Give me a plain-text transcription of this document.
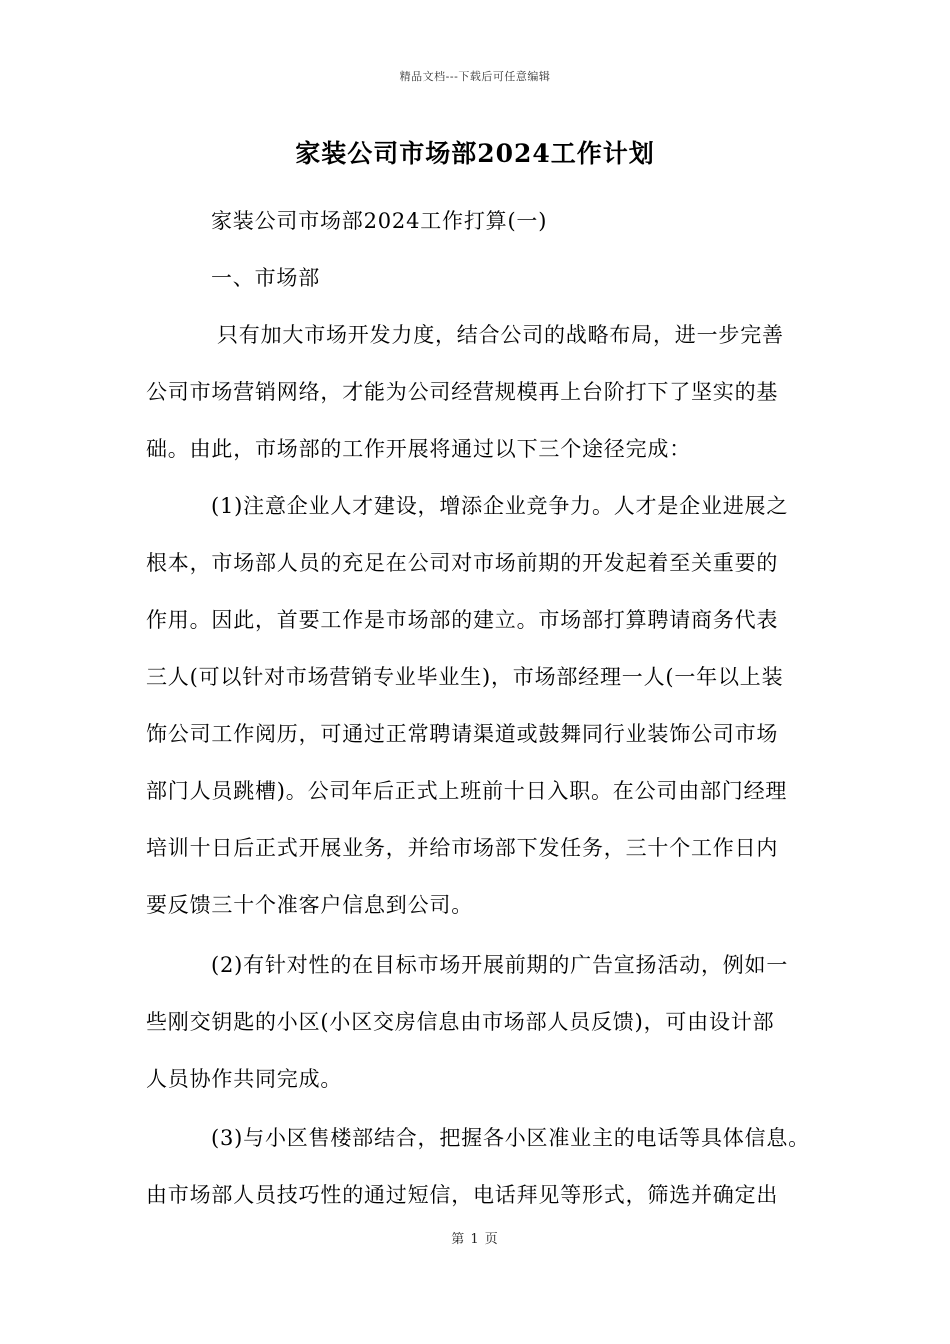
精品文档---下载后可任意编辑
家装公司市场部2024工作计划
家装公司市场部2024工作打算(一)
一、市场部
只有加大市场开发力度，结合公司的战略布局，进一步完善
公司市场营销网络，才能为公司经营规模再上台阶打下了坚实的基
础。由此，市场部的工作开展将通过以下三个途径完成：
(1)注意企业人才建设，增添企业竞争力。人才是企业进展之
根本，市场部人员的充足在公司对市场前期的开发起着至关重要的
作用。因此，首要工作是市场部的建立。市场部打算聘请商务代表
三人(可以针对市场营销专业毕业生)，市场部经理一人(一年以上装
饰公司工作阅历，可通过正常聘请渠道或鼓舞同行业装饰公司市场
部门人员跳槽)。公司年后正式上班前十日入职。在公司由部门经理
培训十日后正式开展业务，并给市场部下发任务，三十个工作日内
要反馈三十个准客户信息到公司。
(2)有针对性的在目标市场开展前期的广告宣扬活动，例如一
些刚交钥匙的小区(小区交房信息由市场部人员反馈)，可由设计部
人员协作共同完成。
(3)与小区售楼部结合，把握各小区准业主的电话等具体信息。
由市场部人员技巧性的通过短信，电话拜见等形式，筛选并确定出
第 1 页
